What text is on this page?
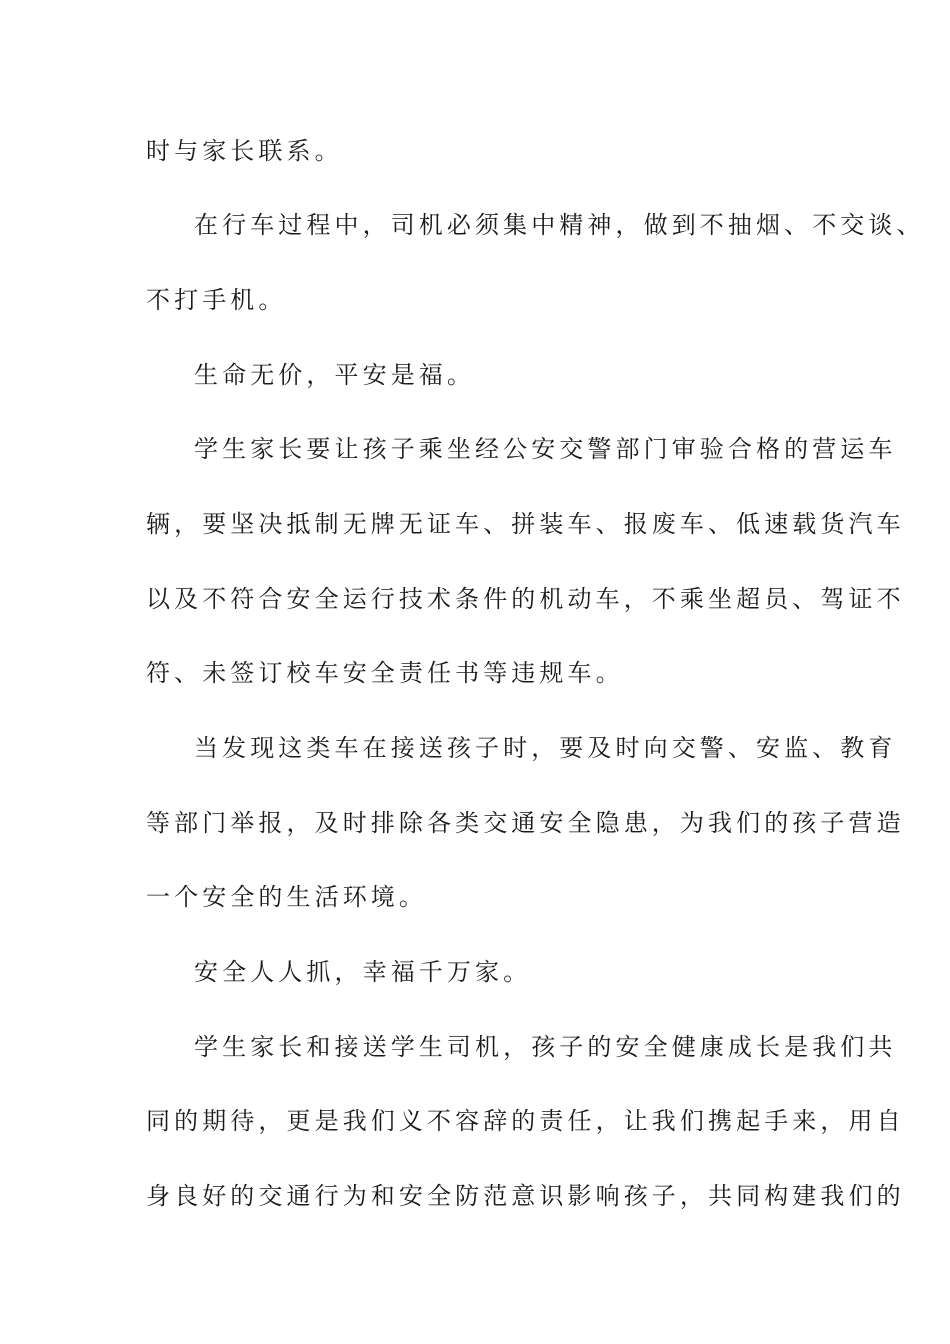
时与家长联系。
在行车过程中，司机必须集中精神，做到不抽烟、不交谈、
不打手机。
生命无价，平安是福。
学生家长要让孩子乘坐经公安交警部门审验合格的营运车
辆，要坚决抵制无牌无证车、拼装车、报废车、低速载货汽车
以及不符合安全运行技术条件的机动车，不乘坐超员、驾证不
符、未签订校车安全责任书等违规车。
当发现这类车在接送孩子时，要及时向交警、安监、教育
等部门举报，及时排除各类交通安全隐患，为我们的孩子营造
一个安全的生活环境。
安全人人抓，幸福千万家。
学生家长和接送学生司机，孩子的安全健康成长是我们共
同的期待，更是我们义不容辞的责任，让我们携起手来，用自
身良好的交通行为和安全防范意识影响孩子，共同构建我们的
